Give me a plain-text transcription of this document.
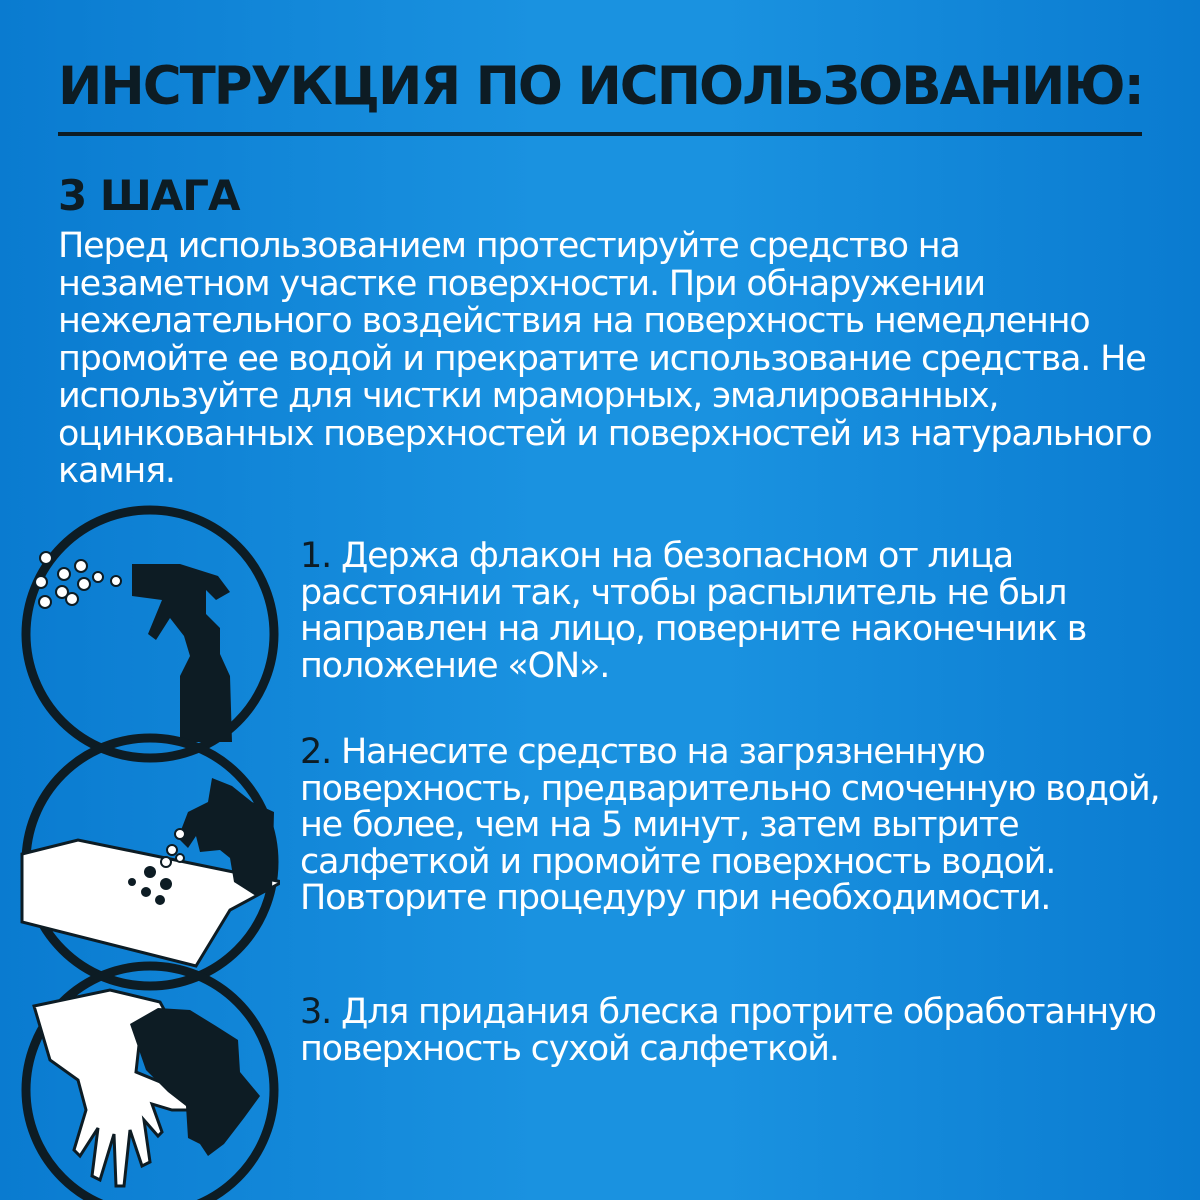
ИНСТРУКЦИЯ ПО ИСПОЛЬЗОВАНИЮ:
3 ШАГА
Перед использованием протестируйте средство на незаметном участке поверхности. При обнаружении нежелательного воздействия на поверхность немедленно промойте ее водой и прекратите использование средства. Не используйте для чистки мраморных, эмалированных, оцинкованных поверхностей и поверхностей из натурального камня.
1. Держа флакон на безопасном от лица расстоянии так, чтобы распылитель не был направлен на лицо, поверните наконечник в положение «ON».
2. Нанесите средство на загрязненную поверхность, предварительно смоченную водой, не более, чем на 5 минут, затем вытрите салфеткой и промойте поверхность водой. Повторите процедуру при необходимости.
3. Для придания блеска протрите обработанную поверхность сухой салфеткой.
